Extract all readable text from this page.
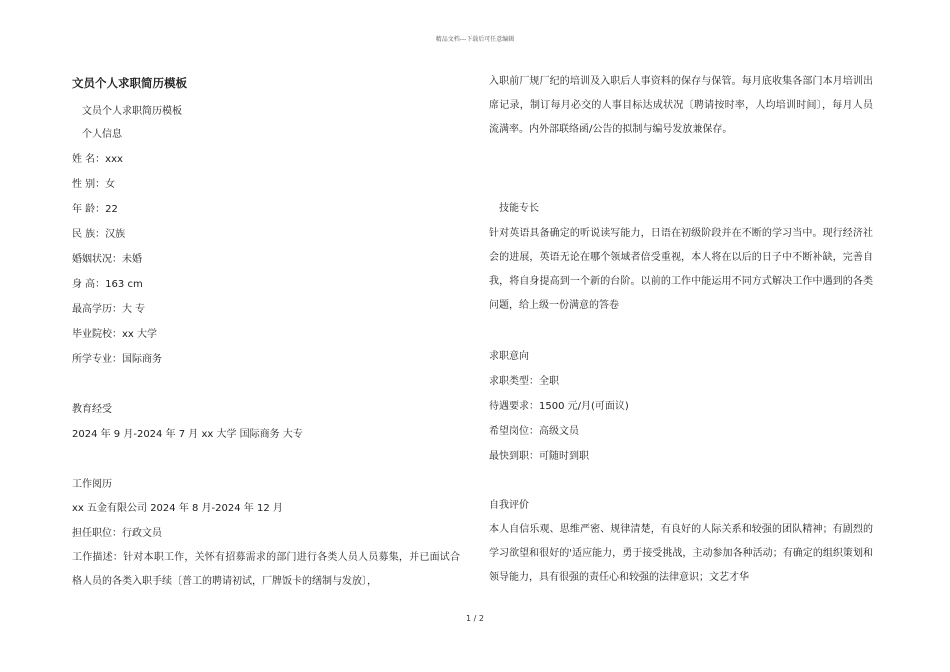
精品文档---下载后可任意编辑
文员个人求职简历模板
文员个人求职简历模板
个人信息
姓 名：xxx
性 别：女
年 龄：22
民 族：汉族
婚姻状况：未婚
身 高：163 cm
最高学历：大 专
毕业院校：xx 大学
所学专业：国际商务
教育经受
2024 年 9 月-2024 年 7 月 xx 大学 国际商务 大专
工作阅历
xx 五金有限公司 2024 年 8 月-2024 年 12 月
担任职位：行政文员
工作描述：针对本职工作，关怀有招募需求的部门进行各类人员人员募集，并已面试合格人员的各类入职手续〔普工的聘请初试，厂牌饭卡的缮制与发放〕，
入职前厂规厂纪的培训及入职后人事资料的保存与保管。每月底收集各部门本月培训出席记录，制订每月必交的人事目标达成状况〔聘请按时率，人均培训时间〕，每月人员流满率。内外部联络函/公告的拟制与编号发放兼保存。
技能专长
针对英语具备确定的听说读写能力，日语在初级阶段并在不断的学习当中。现行经济社会的进展，英语无论在哪个领域者倍受重视，本人将在以后的日子中不断补缺，完善自我，将自身提高到一个新的台阶。以前的工作中能运用不同方式解决工作中遇到的各类问题，给上级一份满意的答卷
求职意向
求职类型：全职
待遇要求：1500 元/月(可面议)
希望岗位：高级文员
最快到职：可随时到职
自我评价
本人自信乐观、思维严密、规律清楚，有良好的人际关系和较强的团队精神；有剧烈的学习欲望和很好的'适应能力，勇于接受挑战，主动参加各种活动；有确定的组织策划和领导能力，具有很强的责任心和较强的法律意识；文艺才华
1 / 2
